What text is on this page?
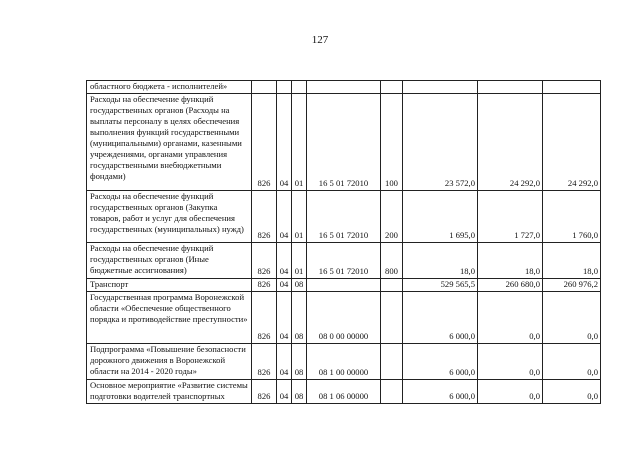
127
областного бюджета - исполнителей»								
Расходы на обеспечение функций государственных органов (Расходы на выплаты персоналу в целях обеспечения выполнения функций государственными (муниципальными) органами, казенными учреждениями, органами управления государственными внебюджетными фондами)	826	04	01	16 5 01 72010	100	23 572,0	24 292,0	24 292,0
Расходы на обеспечение функций государственных органов (Закупка товаров, работ и услуг для обеспечения государственных (муниципальных) нужд)	826	04	01	16 5 01 72010	200	1 695,0	1 727,0	1 760,0
Расходы на обеспечение функций государственных органов (Иные бюджетные ассигнования)	826	04	01	16 5 01 72010	800	18,0	18,0	18,0
Транспорт	826	04	08			529 565,5	260 680,0	260 976,2
Государственная программа Воронежской области «Обеспечение общественного порядка и противодействие преступности»	826	04	08	08 0 00 00000		6 000,0	0,0	0,0
Подпрограмма «Повышение безопасности дорожного движения в Воронежской области на 2014 - 2020 годы»	826	04	08	08 1 00 00000		6 000,0	0,0	0,0
Основное мероприятие «Развитие системы подготовки водителей транспортных	826	04	08	08 1 06 00000		6 000,0	0,0	0,0
